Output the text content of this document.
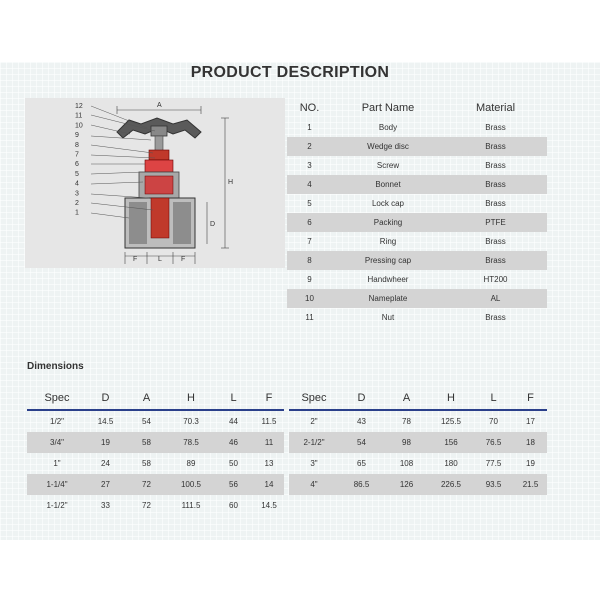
PRODUCT DESCRIPTION
12
11
10
9
8
7
6
5
4
3
2
1
A
H
D
F	L	F
NO.	Part Name	Material
1	Body	Brass
2	Wedge disc	Brass
3	Screw	Brass
4	Bonnet	Brass
5	Lock cap	Brass
6	Packing	PTFE
7	Ring	Brass
8	Pressing cap	Brass
9	Handwheer	HT200
10	Nameplate	AL
11	Nut	Brass
Dimensions
Spec	D	A	H	L	F
1/2"	14.5	54	70.3	44	11.5
3/4"	19	58	78.5	46	11
1"	24	58	89	50	13
1-1/4"	27	72	100.5	56	14
1-1/2"	33	72	111.5	60	14.5
Spec	D	A	H	L	F
2"	43	78	125.5	70	17
2-1/2"	54	98	156	76.5	18
3"	65	108	180	77.5	19
4"	86.5	126	226.5	93.5	21.5
